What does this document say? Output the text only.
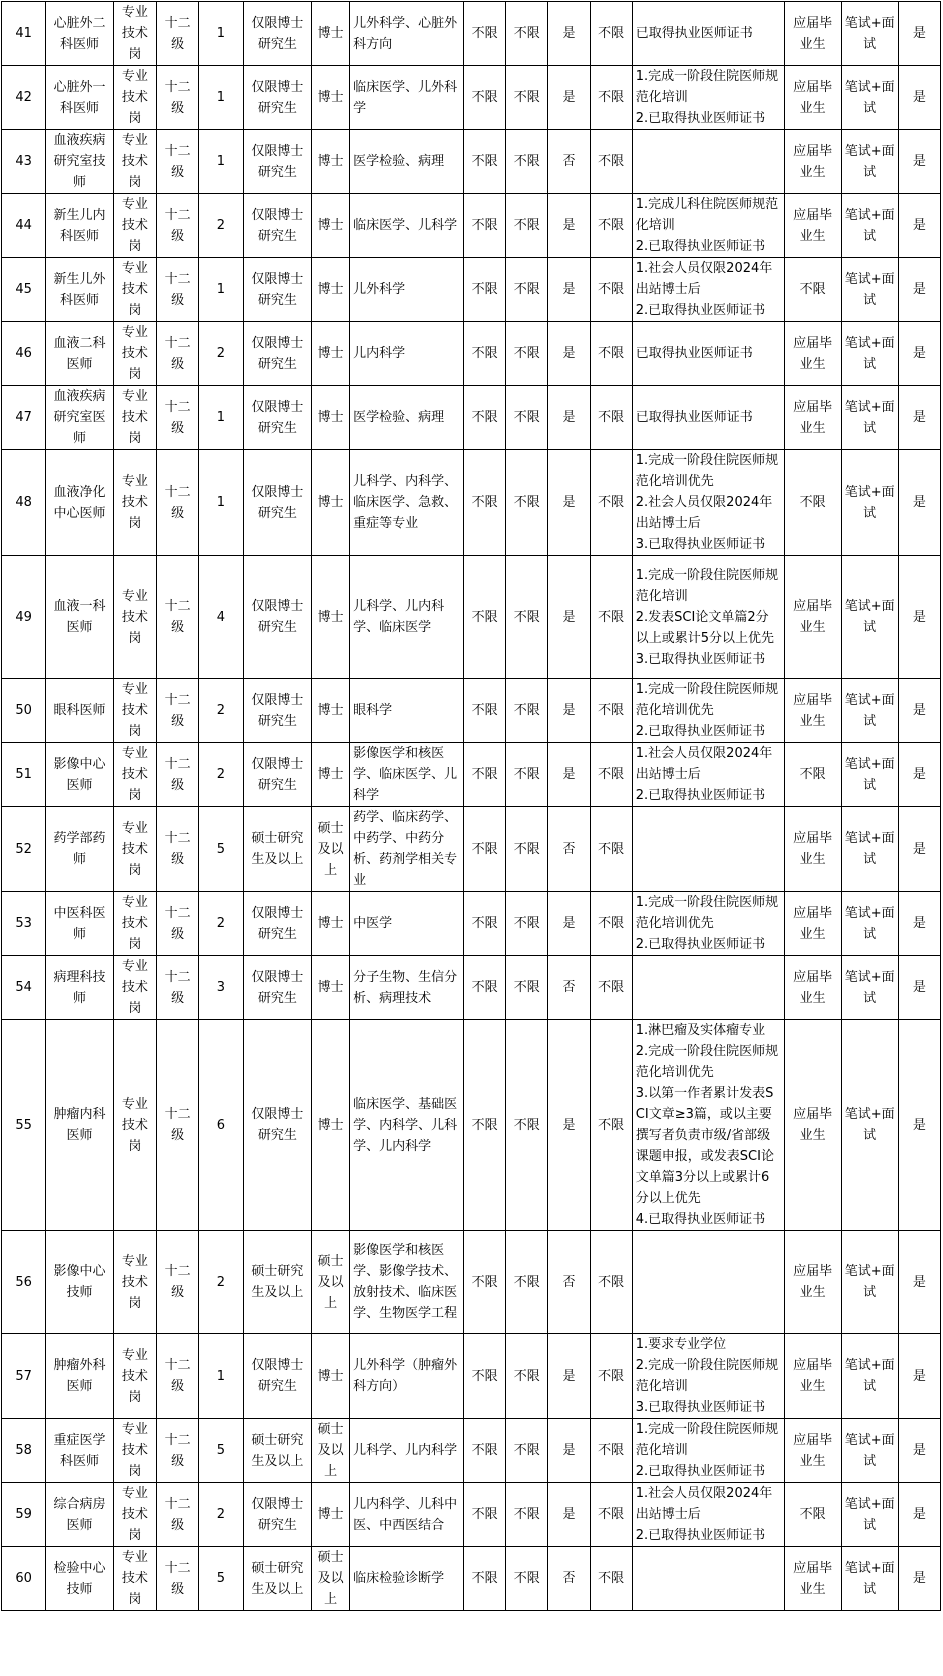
41	心脏外二科医师	专业技术岗	十二级	1	仅限博士研究生	博士	儿外科学、心脏外科方向	不限	不限	是	不限	已取得执业医师证书	应届毕业生	笔试+面试	是
42	心脏外一科医师	专业技术岗	十二级	1	仅限博士研究生	博士	临床医学、儿外科学	不限	不限	是	不限	1.完成一阶段住院医师规范化培训
2.已取得执业医师证书	应届毕业生	笔试+面试	是
43	血液疾病研究室技师	专业技术岗	十二级	1	仅限博士研究生	博士	医学检验、病理	不限	不限	否	不限		应届毕业生	笔试+面试	是
44	新生儿内科医师	专业技术岗	十二级	2	仅限博士研究生	博士	临床医学、儿科学	不限	不限	是	不限	1.完成儿科住院医师规范化培训
2.已取得执业医师证书	应届毕业生	笔试+面试	是
45	新生儿外科医师	专业技术岗	十二级	1	仅限博士研究生	博士	儿外科学	不限	不限	是	不限	1.社会人员仅限2024年出站博士后
2.已取得执业医师证书	不限	笔试+面试	是
46	血液二科医师	专业技术岗	十二级	2	仅限博士研究生	博士	儿内科学	不限	不限	是	不限	已取得执业医师证书	应届毕业生	笔试+面试	是
47	血液疾病研究室医师	专业技术岗	十二级	1	仅限博士研究生	博士	医学检验、病理	不限	不限	是	不限	已取得执业医师证书	应届毕业生	笔试+面试	是
48	血液净化中心医师	专业技术岗	十二级	1	仅限博士研究生	博士	儿科学、内科学、临床医学、急救、重症等专业	不限	不限	是	不限	1.完成一阶段住院医师规范化培训优先
2.社会人员仅限2024年出站博士后
3.已取得执业医师证书	不限	笔试+面试	是
49	血液一科医师	专业技术岗	十二级	4	仅限博士研究生	博士	儿科学、儿内科学、临床医学	不限	不限	是	不限	1.完成一阶段住院医师规范化培训
2.发表SCI论文单篇2分以上或累计5分以上优先
3.已取得执业医师证书	应届毕业生	笔试+面试	是
50	眼科医师	专业技术岗	十二级	2	仅限博士研究生	博士	眼科学	不限	不限	是	不限	1.完成一阶段住院医师规范化培训优先
2.已取得执业医师证书	应届毕业生	笔试+面试	是
51	影像中心医师	专业技术岗	十二级	2	仅限博士研究生	博士	影像医学和核医学、临床医学、儿科学	不限	不限	是	不限	1.社会人员仅限2024年出站博士后
2.已取得执业医师证书	不限	笔试+面试	是
52	药学部药师	专业技术岗	十二级	5	硕士研究生及以上	硕士及以上	药学、临床药学、中药学、中药分析、药剂学相关专业	不限	不限	否	不限		应届毕业生	笔试+面试	是
53	中医科医师	专业技术岗	十二级	2	仅限博士研究生	博士	中医学	不限	不限	是	不限	1.完成一阶段住院医师规范化培训优先
2.已取得执业医师证书	应届毕业生	笔试+面试	是
54	病理科技师	专业技术岗	十二级	3	仅限博士研究生	博士	分子生物、生信分析、病理技术	不限	不限	否	不限		应届毕业生	笔试+面试	是
55	肿瘤内科医师	专业技术岗	十二级	6	仅限博士研究生	博士	临床医学、基础医学、内科学、儿科学、儿内科学	不限	不限	是	不限	1.淋巴瘤及实体瘤专业
2.完成一阶段住院医师规范化培训优先
3.以第一作者累计发表SCI文章≥3篇，或以主要撰写者负责市级/省部级课题申报，或发表SCI论文单篇3分以上或累计6分以上优先
4.已取得执业医师证书	应届毕业生	笔试+面试	是
56	影像中心技师	专业技术岗	十二级	2	硕士研究生及以上	硕士及以上	影像医学和核医学、影像学技术、放射技术、临床医学、生物医学工程	不限	不限	否	不限		应届毕业生	笔试+面试	是
57	肿瘤外科医师	专业技术岗	十二级	1	仅限博士研究生	博士	儿外科学（肿瘤外科方向）	不限	不限	是	不限	1.要求专业学位
2.完成一阶段住院医师规范化培训
3.已取得执业医师证书	应届毕业生	笔试+面试	是
58	重症医学科医师	专业技术岗	十二级	5	硕士研究生及以上	硕士及以上	儿科学、儿内科学	不限	不限	是	不限	1.完成一阶段住院医师规范化培训
2.已取得执业医师证书	应届毕业生	笔试+面试	是
59	综合病房医师	专业技术岗	十二级	2	仅限博士研究生	博士	儿内科学、儿科中医、中西医结合	不限	不限	是	不限	1.社会人员仅限2024年出站博士后
2.已取得执业医师证书	不限	笔试+面试	是
60	检验中心技师	专业技术岗	十二级	5	硕士研究生及以上	硕士及以上	临床检验诊断学	不限	不限	否	不限		应届毕业生	笔试+面试	是
